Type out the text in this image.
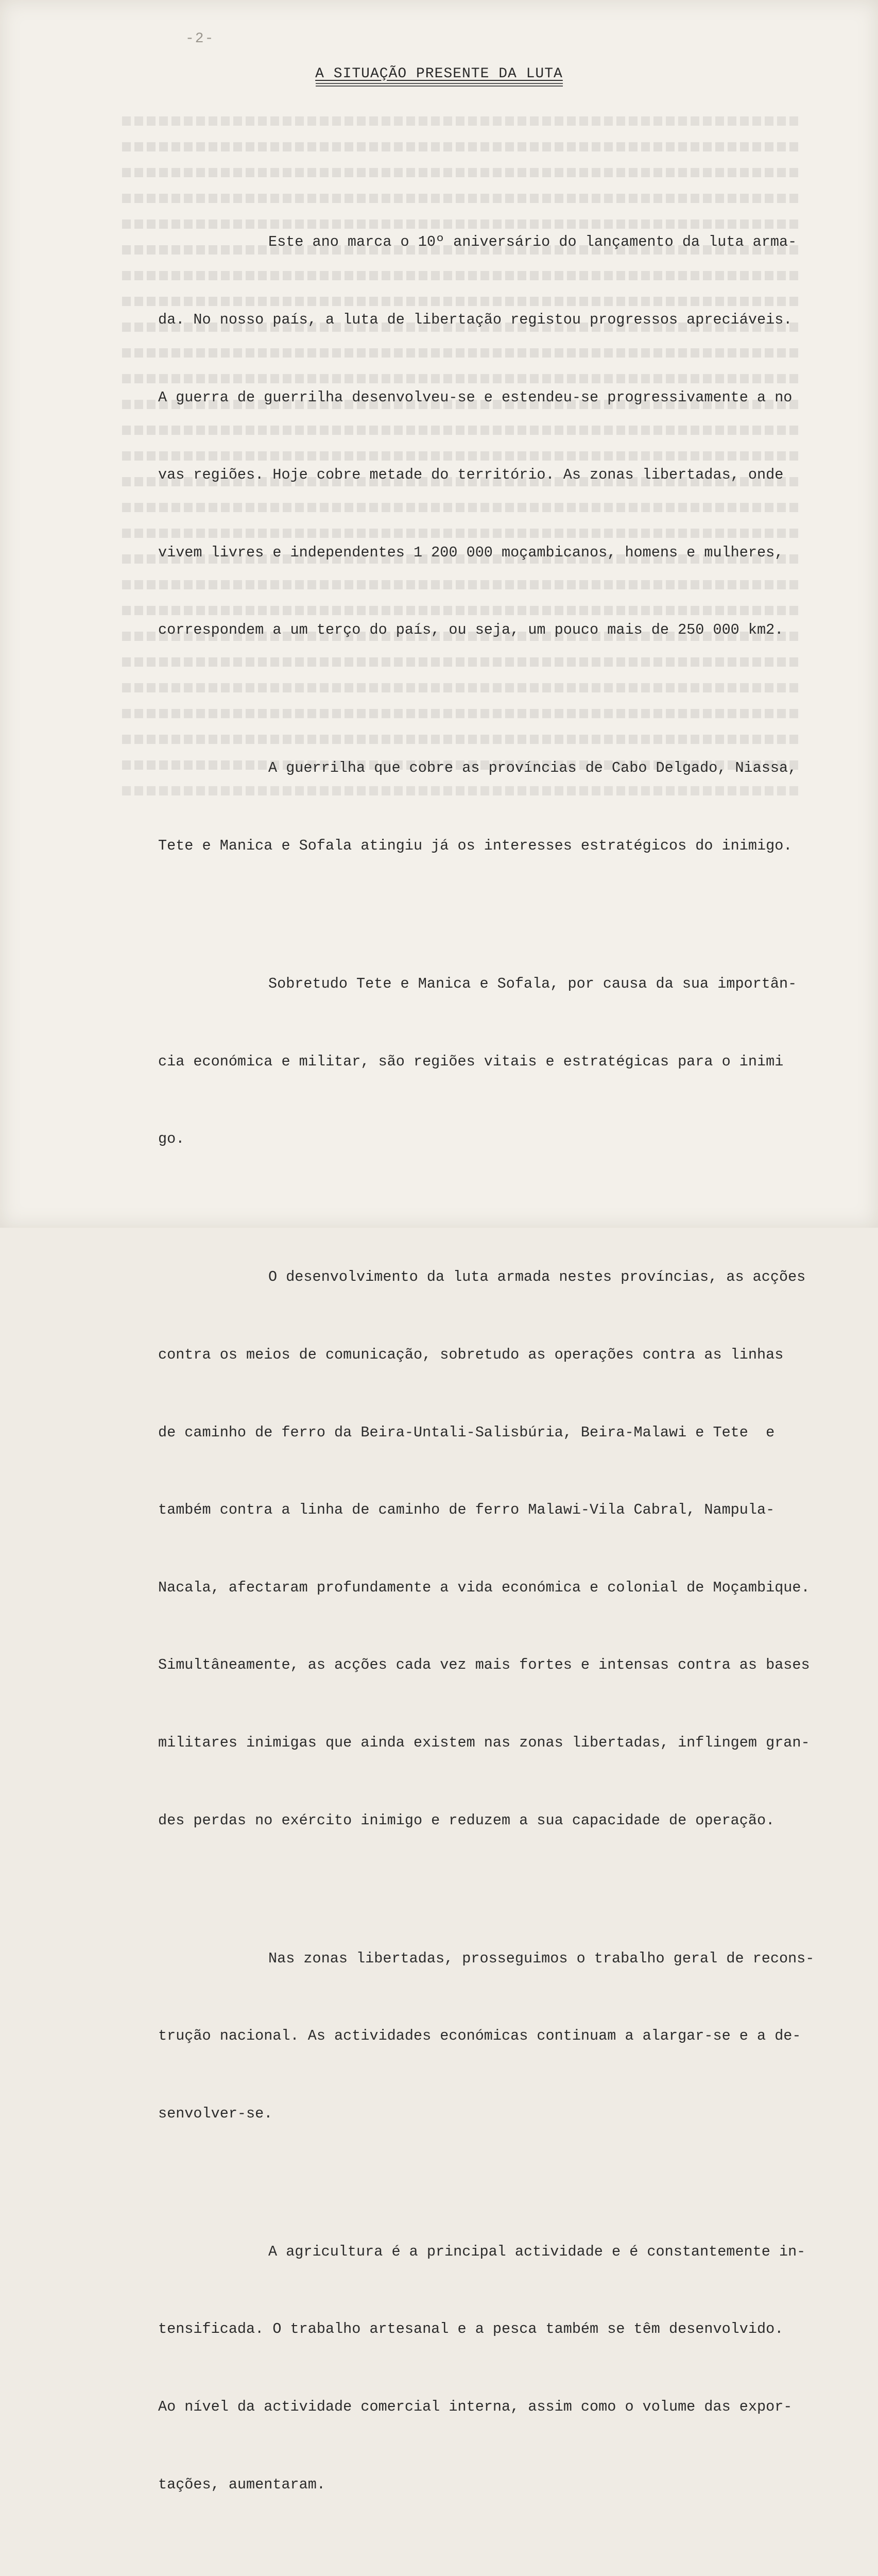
-2-
A SITUAÇÃO PRESENTE DA LUTA

Este ano marca o 10º aniversário do lançamento da luta arma-

da. No nosso país, a luta de libertação registou progressos apreciáveis.

A guerra de guerrilha desenvolveu-se e estendeu-se progressivamente a no

vas regiões. Hoje cobre metade do território. As zonas libertadas, onde

vivem livres e independentes 1 200 000 moçambicanos, homens e mulheres,

correspondem a um terço do país, ou seja, um pouco mais de 250 000 km2.

A guerrilha que cobre as províncias de Cabo Delgado, Niassa,

Tete e Manica e Sofala atingiu já os interesses estratégicos do inimigo.

Sobretudo Tete e Manica e Sofala, por causa da sua importân-

cia económica e militar, são regiões vitais e estratégicas para o inimi

go.

O desenvolvimento da luta armada nestes províncias, as acções

contra os meios de comunicação, sobretudo as operações contra as linhas

de caminho de ferro da Beira-Untali-Salisbúria, Beira-Malawi e Tete  e

também contra a linha de caminho de ferro Malawi-Vila Cabral, Nampula-

Nacala, afectaram profundamente a vida económica e colonial de Moçambique.

Simultâneamente, as acções cada vez mais fortes e intensas contra as bases

militares inimigas que ainda existem nas zonas libertadas, inflingem gran-

des perdas no exército inimigo e reduzem a sua capacidade de operação.

Nas zonas libertadas, prosseguimos o trabalho geral de recons-

trução nacional. As actividades económicas continuam a alargar-se e a de-

senvolver-se.

A agricultura é a principal actividade e é constantemente in-

tensificada. O trabalho artesanal e a pesca também se têm desenvolvido.

Ao nível da actividade comercial interna, assim como o volume das expor-

tações, aumentaram.
